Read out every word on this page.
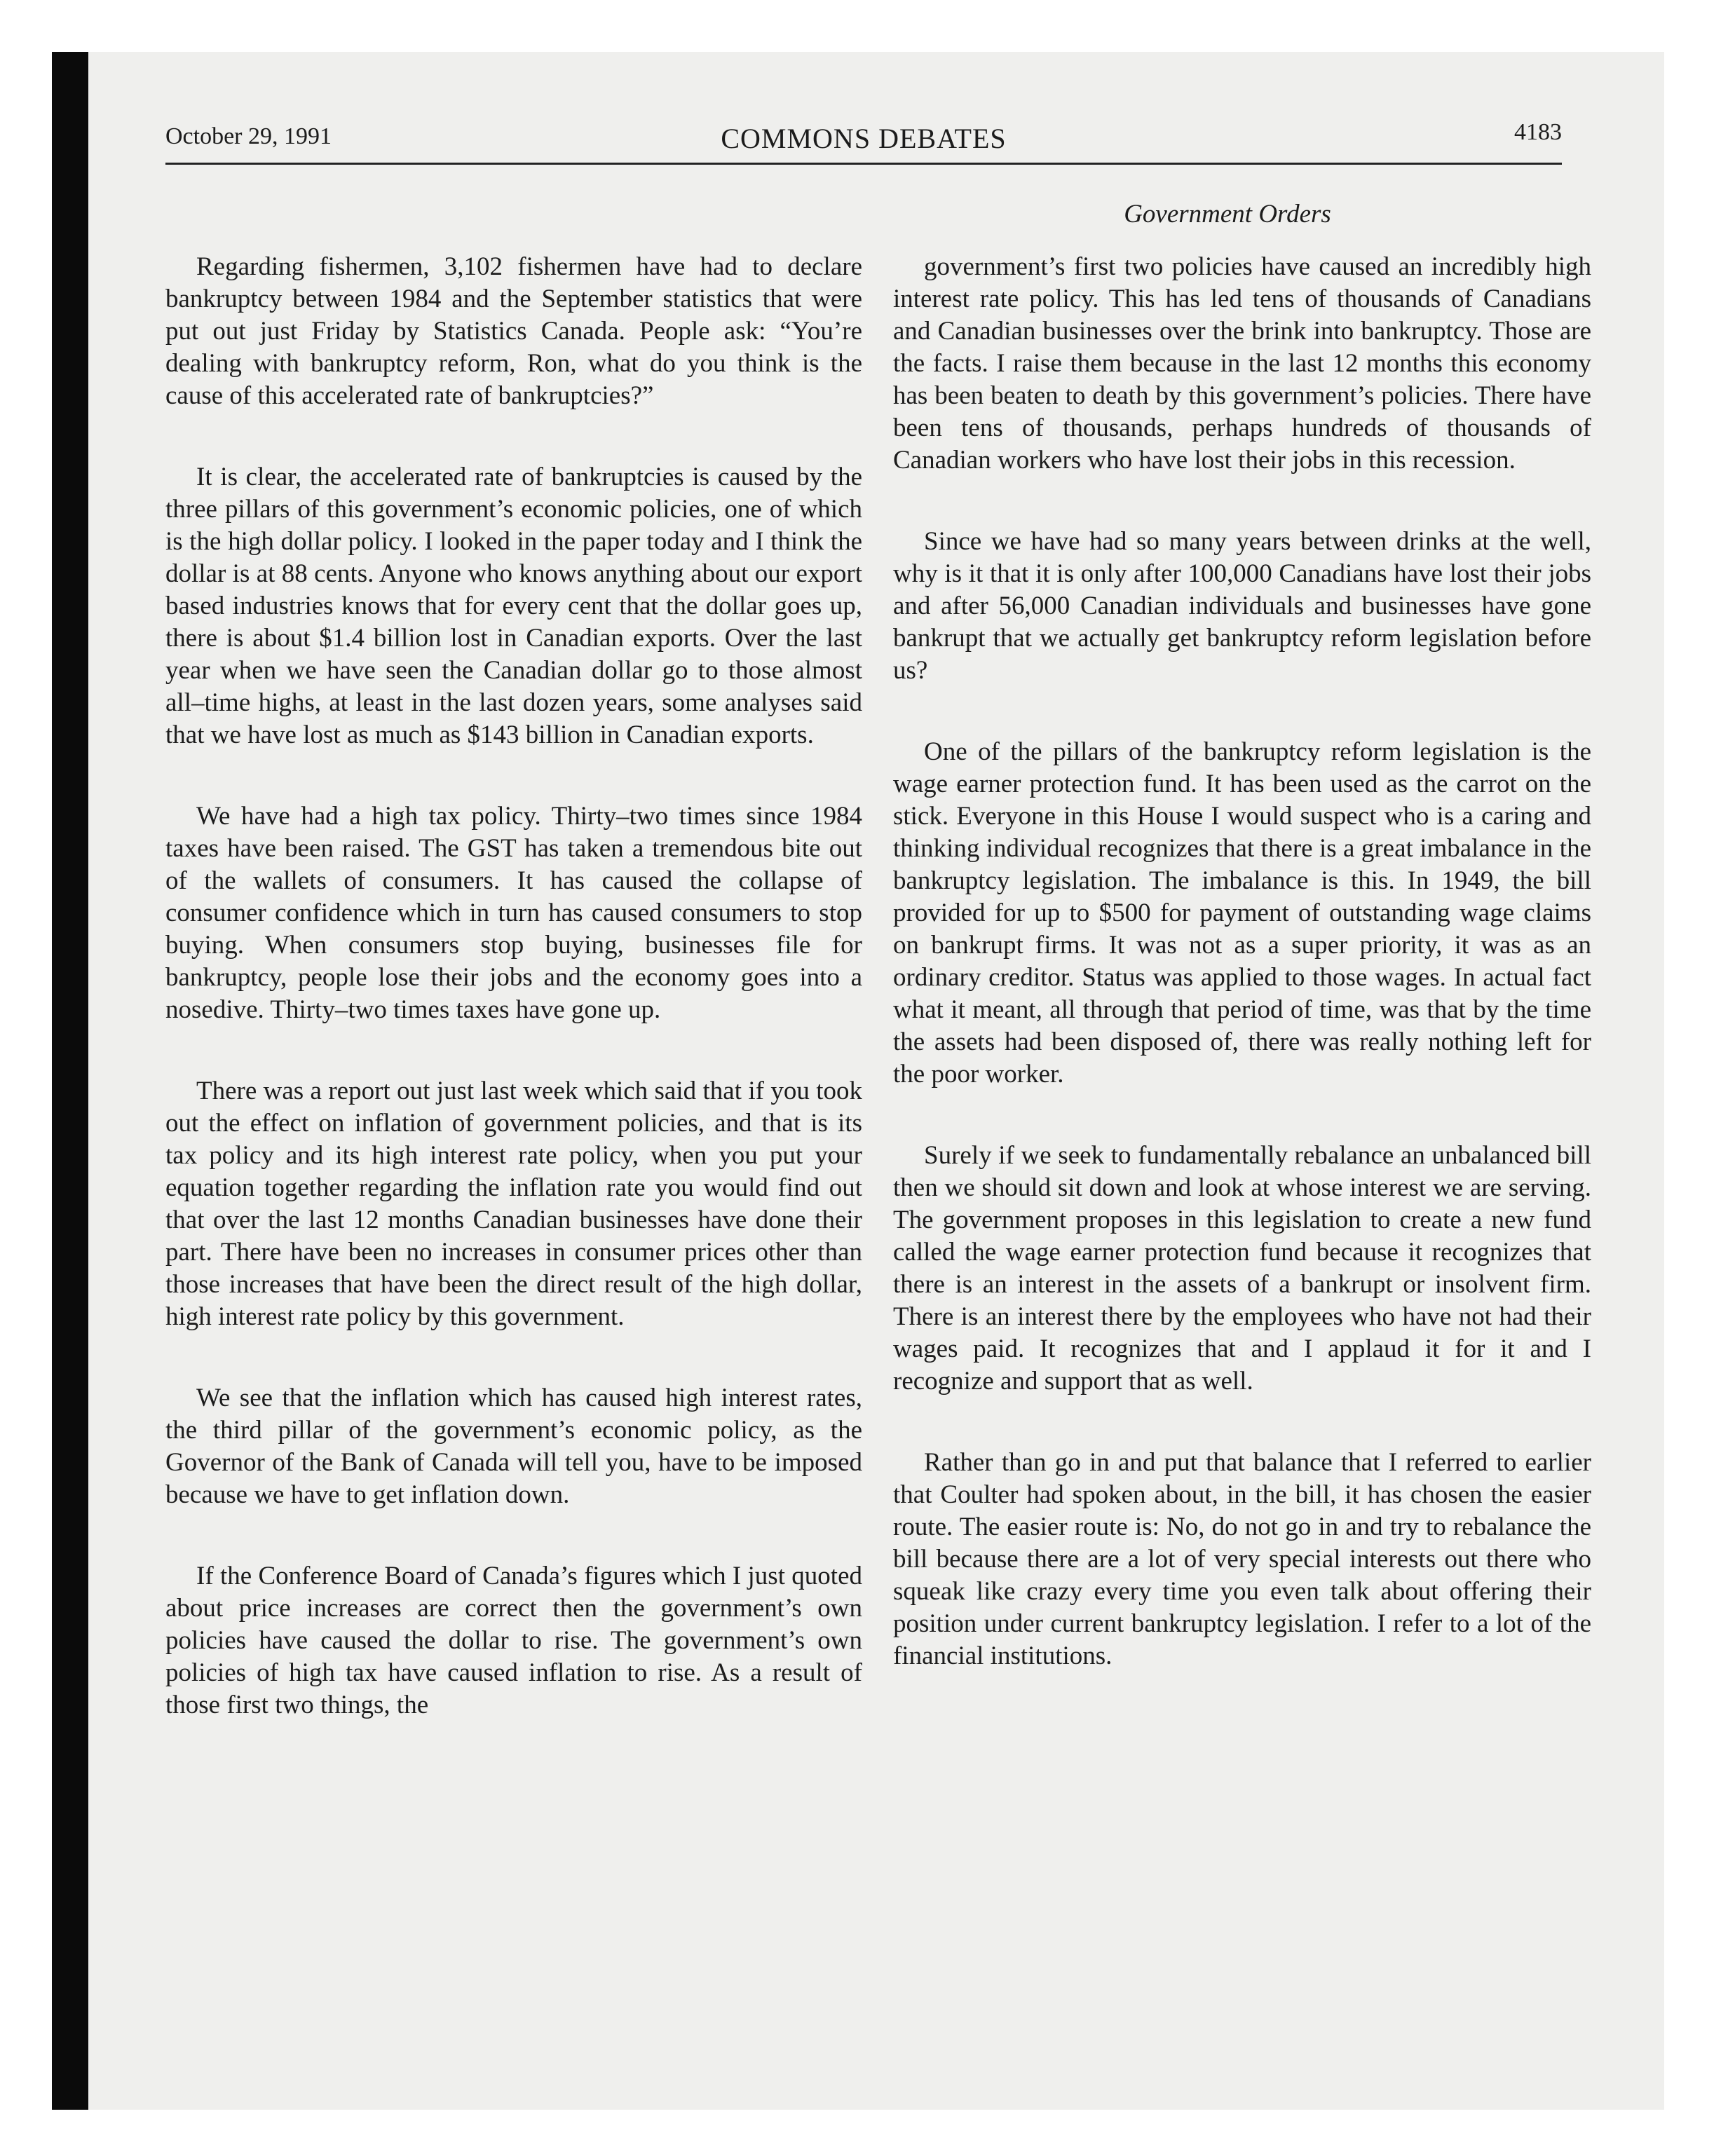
October 29, 1991	COMMONS DEBATES	4183
Government Orders

Regarding fishermen, 3,102 fishermen have had to declare bankruptcy between 1984 and the September statistics that were put out just Friday by Statistics Canada. People ask: “You’re dealing with bankruptcy reform, Ron, what do you think is the cause of this accelerated rate of bankruptcies?”

It is clear, the accelerated rate of bankruptcies is caused by the three pillars of this government’s economic policies, one of which is the high dollar policy. I looked in the paper today and I think the dollar is at 88 cents. Anyone who knows anything about our export based industries knows that for every cent that the dollar goes up, there is about $1.4 billion lost in Canadian exports. Over the last year when we have seen the Canadian dollar go to those almost all–time highs, at least in the last dozen years, some analyses said that we have lost as much as $143 billion in Canadian exports.

We have had a high tax policy. Thirty–two times since 1984 taxes have been raised. The GST has taken a tremendous bite out of the wallets of consumers. It has caused the collapse of consumer confidence which in turn has caused consumers to stop buying. When consumers stop buying, businesses file for bankruptcy, people lose their jobs and the economy goes into a nosedive. Thirty–two times taxes have gone up.

There was a report out just last week which said that if you took out the effect on inflation of government policies, and that is its tax policy and its high interest rate policy, when you put your equation together regarding the inflation rate you would find out that over the last 12 months Canadian businesses have done their part. There have been no increases in consumer prices other than those increases that have been the direct result of the high dollar, high interest rate policy by this government.

We see that the inflation which has caused high interest rates, the third pillar of the government’s economic policy, as the Governor of the Bank of Canada will tell you, have to be imposed because we have to get inflation down.

If the Conference Board of Canada’s figures which I just quoted about price increases are correct then the government’s own policies have caused the dollar to rise. The government’s own policies of high tax have caused inflation to rise. As a result of those first two things, the

government’s first two policies have caused an incredibly high interest rate policy. This has led tens of thousands of Canadians and Canadian businesses over the brink into bankruptcy. Those are the facts. I raise them because in the last 12 months this economy has been beaten to death by this government’s policies. There have been tens of thousands, perhaps hundreds of thousands of Canadian workers who have lost their jobs in this recession.

Since we have had so many years between drinks at the well, why is it that it is only after 100,000 Canadians have lost their jobs and after 56,000 Canadian individuals and businesses have gone bankrupt that we actually get bankruptcy reform legislation before us?

One of the pillars of the bankruptcy reform legislation is the wage earner protection fund. It has been used as the carrot on the stick. Everyone in this House I would suspect who is a caring and thinking individual recognizes that there is a great imbalance in the bankruptcy legislation. The imbalance is this. In 1949, the bill provided for up to $500 for payment of outstanding wage claims on bankrupt firms. It was not as a super priority, it was as an ordinary creditor. Status was applied to those wages. In actual fact what it meant, all through that period of time, was that by the time the assets had been disposed of, there was really nothing left for the poor worker.

Surely if we seek to fundamentally rebalance an unbalanced bill then we should sit down and look at whose interest we are serving. The government proposes in this legislation to create a new fund called the wage earner protection fund because it recognizes that there is an interest in the assets of a bankrupt or insolvent firm. There is an interest there by the employees who have not had their wages paid. It recognizes that and I applaud it for it and I recognize and support that as well.

Rather than go in and put that balance that I referred to earlier that Coulter had spoken about, in the bill, it has chosen the easier route. The easier route is: No, do not go in and try to rebalance the bill because there are a lot of very special interests out there who squeak like crazy every time you even talk about offering their position under current bankruptcy legislation. I refer to a lot of the financial institutions.
